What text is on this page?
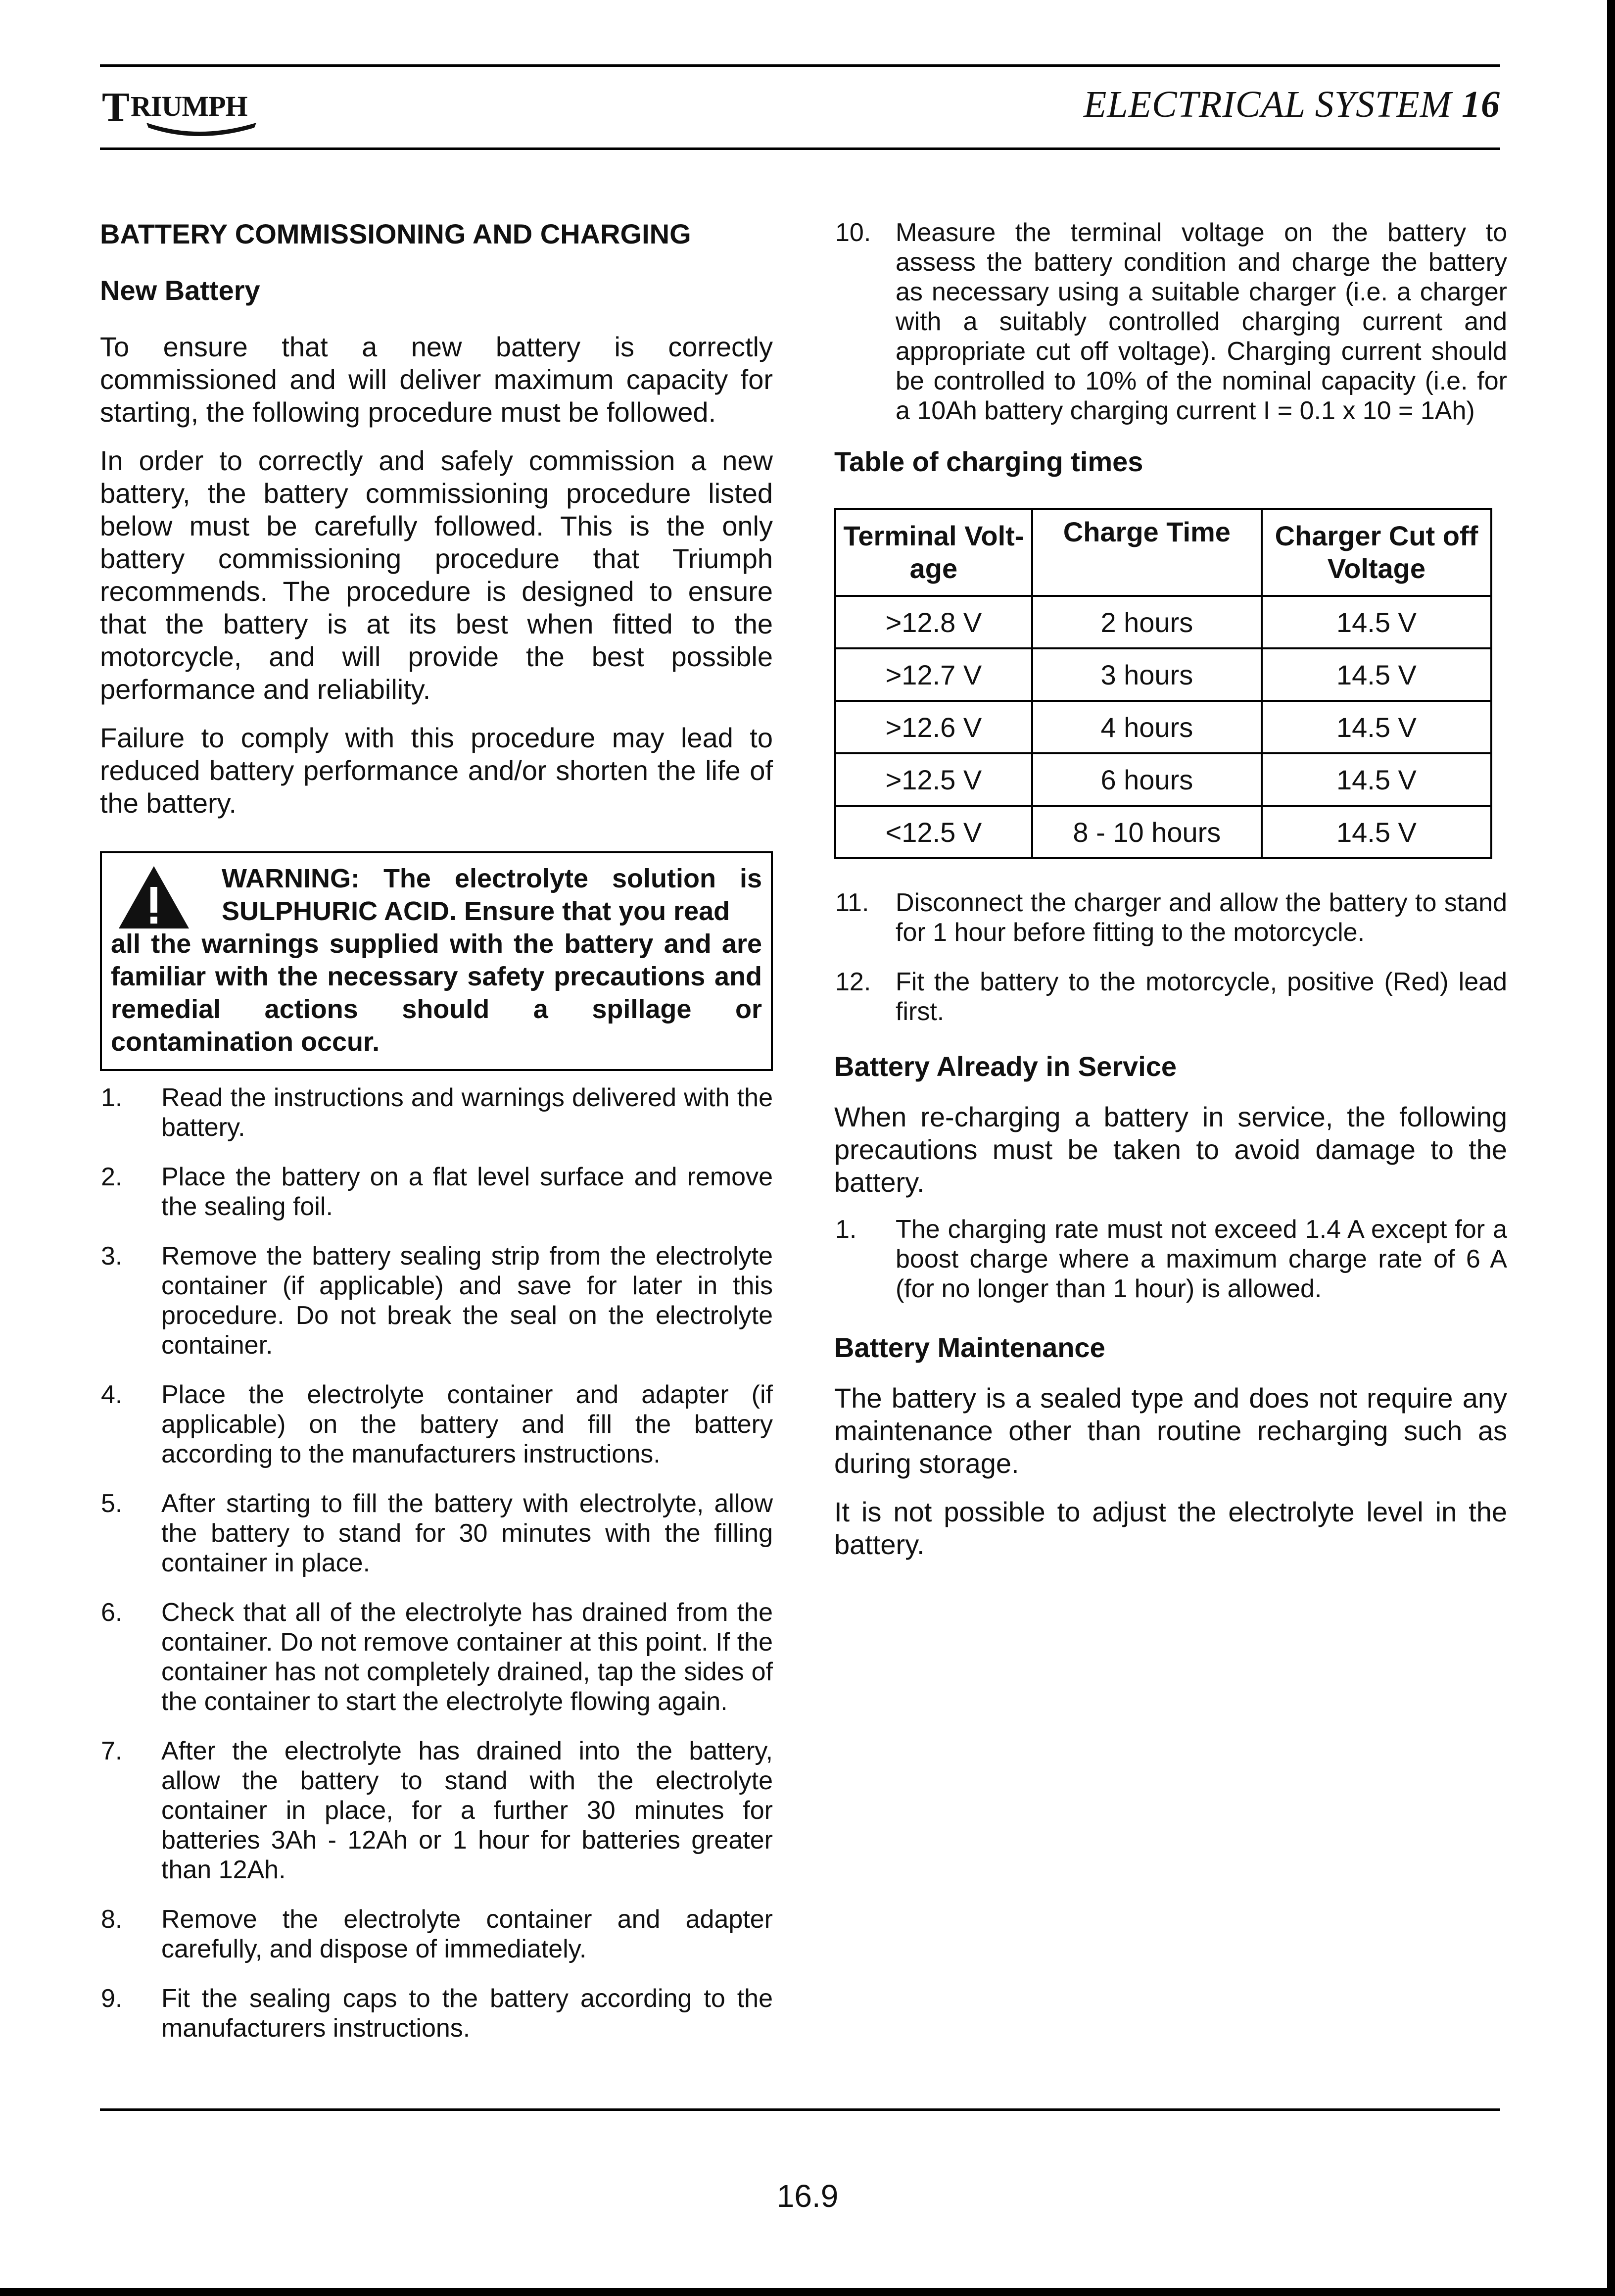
T RIUMPH	ELECTRICAL SYSTEM 16
BATTERY COMMISSIONING AND CHARGING
New Battery

To ensure that a new battery is correctly commissioned and will deliver maximum capacity for starting, the following procedure must be followed.

In order to correctly and safely commission a new battery, the battery commissioning procedure listed below must be carefully followed. This is the only battery commissioning procedure that Triumph recommends. The procedure is designed to ensure that the battery is at its best when fitted to the motorcycle, and will provide the best possible performance and reliability.

Failure to comply with this procedure may lead to reduced battery performance and/or shorten the life of the battery.

WARNING: The electrolyte solution is SULPHURIC ACID. Ensure that you read
all the warnings supplied with the battery and are familiar with the necessary safety precautions and remedial actions should a spillage or contamination occur.
1. Read the instructions and warnings delivered with the battery.
2. Place the battery on a flat level surface and remove the sealing foil.
3. Remove the battery sealing strip from the electrolyte container (if applicable) and save for later in this procedure. Do not break the seal on the electrolyte container.
4. Place the electrolyte container and adapter (if applicable) on the battery and fill the battery according to the manufacturers instructions.
5. After starting to fill the battery with electrolyte, allow the battery to stand for 30 minutes with the filling container in place.
6. Check that all of the electrolyte has drained from the container. Do not remove container at this point. If the container has not completely drained, tap the sides of the container to start the electrolyte flowing again.
7. After the electrolyte has drained into the battery, allow the battery to stand with the electrolyte container in place, for a further 30 minutes for batteries 3Ah - 12Ah or 1 hour for batteries greater than 12Ah.
8. Remove the electrolyte container and adapter carefully, and dispose of immediately.
9. Fit the sealing caps to the battery according to the manufacturers instructions.
10. Measure the terminal voltage on the battery to assess the battery condition and charge the battery as necessary using a suitable charger (i.e. a charger with a suitably controlled charging current and appropriate cut off voltage). Charging current should be controlled to 10% of the nominal capacity (i.e. for a 10Ah battery charging current I = 0.1 x 10 = 1Ah)
Table of charging times
Terminal Volt-age	Charge Time	Charger Cut off Voltage
>12.8 V	2 hours	14.5 V
>12.7 V	3 hours	14.5 V
>12.6 V	4 hours	14.5 V
>12.5 V	6 hours	14.5 V
<12.5 V	8 - 10 hours	14.5 V
11. Disconnect the charger and allow the battery to stand for 1 hour before fitting to the motorcycle.
12. Fit the battery to the motorcycle, positive (Red) lead first.
Battery Already in Service

When re-charging a battery in service, the following precautions must be taken to avoid damage to the battery.

1. The charging rate must not exceed 1.4 A except for a boost charge where a maximum charge rate of 6 A (for no longer than 1 hour) is allowed.
Battery Maintenance

The battery is a sealed type and does not require any maintenance other than routine recharging such as during storage.

It is not possible to adjust the electrolyte level in the battery.

16.9
